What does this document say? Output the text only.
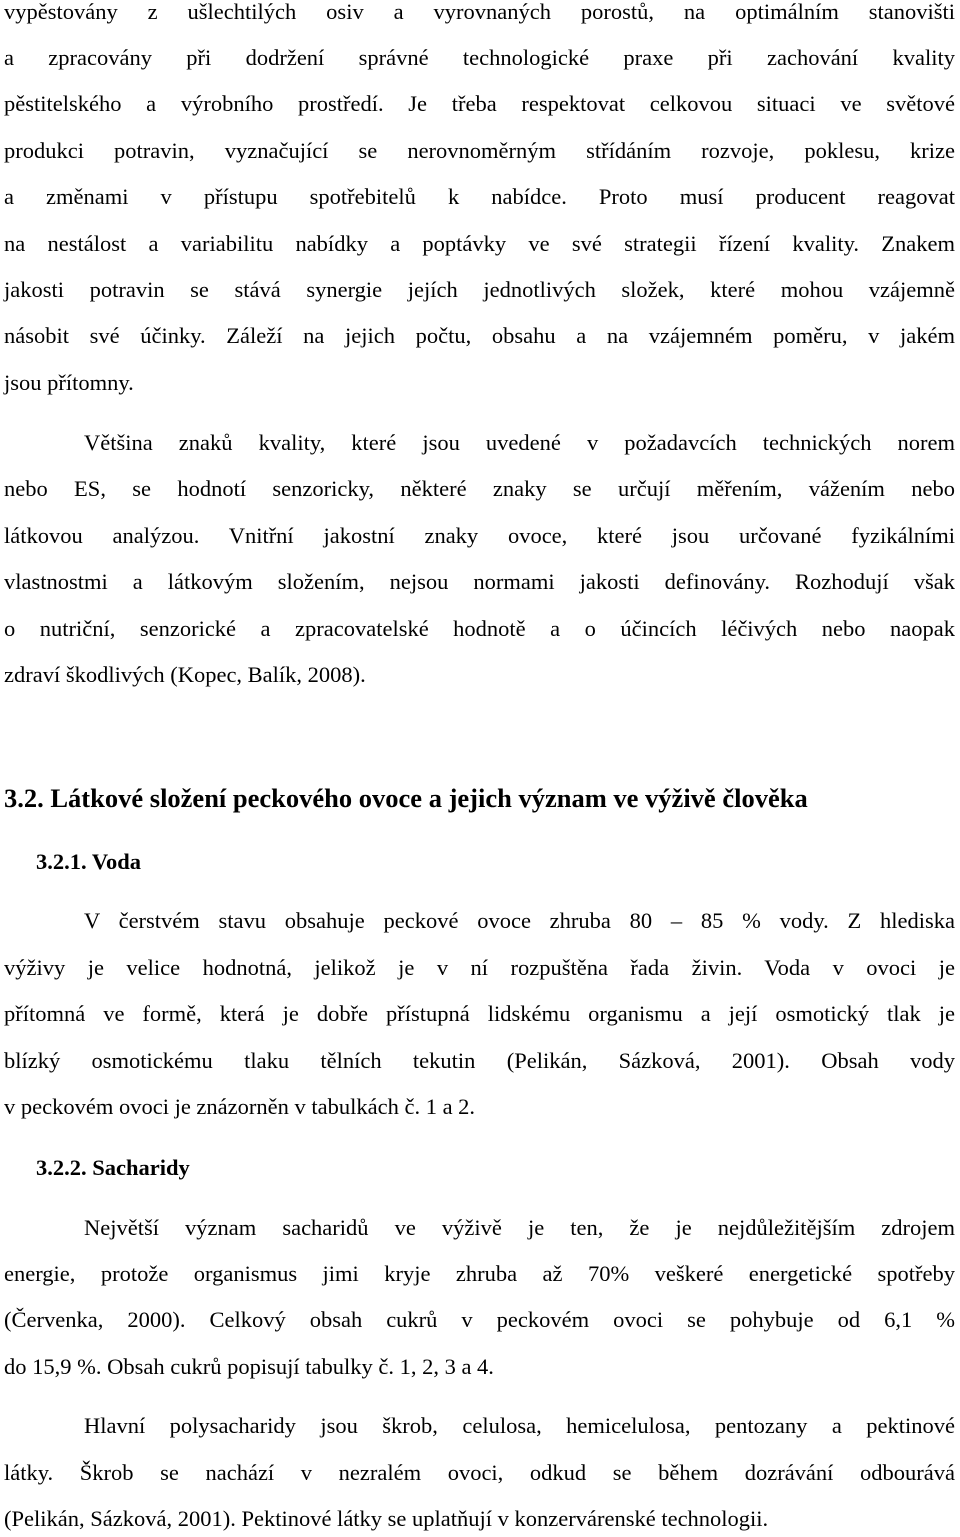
vypěstovány z ušlechtilých osiv a vyrovnaných porostů, na optimálním stanovišti
a zpracovány při dodržení správné technologické praxe při zachování kvality
pěstitelského a výrobního prostředí. Je třeba respektovat celkovou situaci ve světové
produkci potravin, vyznačující se nerovnoměrným střídáním rozvoje, poklesu, krize
a změnami v přístupu spotřebitelů k nabídce. Proto musí producent reagovat
na nestálost a variabilitu nabídky a poptávky ve své strategii řízení kvality. Znakem
jakosti potravin se stává synergie jejích jednotlivých složek, které mohou vzájemně
násobit své účinky. Záleží na jejich počtu, obsahu a na vzájemném poměru, v jakém
jsou přítomny.
Většina znaků kvality, které jsou uvedené v požadavcích technických norem
nebo ES, se hodnotí senzoricky, některé znaky se určují měřením, vážením nebo
látkovou analýzou. Vnitřní jakostní znaky ovoce, které jsou určované fyzikálními
vlastnostmi a látkovým složením, nejsou normami jakosti definovány. Rozhodují však
o nutriční, senzorické a zpracovatelské hodnotě a o účincích léčivých nebo naopak
zdraví škodlivých (Kopec, Balík, 2008).
3.2. Látkové složení peckového ovoce a jejich význam ve výživě člověka
3.2.1. Voda
V čerstvém stavu obsahuje peckové ovoce zhruba 80 – 85 % vody. Z hlediska
výživy je velice hodnotná, jelikož je v ní rozpuštěna řada živin. Voda v ovoci je
přítomná ve formě, která je dobře přístupná lidskému organismu a její osmotický tlak je
blízký osmotickému tlaku tělních tekutin (Pelikán, Sázková, 2001). Obsah vody
v peckovém ovoci je znázorněn v tabulkách č. 1 a 2.
3.2.2. Sacharidy
Největší význam sacharidů ve výživě je ten, že je nejdůležitějším zdrojem
energie, protože organismus jimi kryje zhruba až 70% veškeré energetické spotřeby
(Červenka, 2000). Celkový obsah cukrů v peckovém ovoci se pohybuje od 6,1 %
do 15,9 %. Obsah cukrů popisují tabulky č. 1, 2, 3 a 4.
Hlavní polysacharidy jsou škrob, celulosa, hemicelulosa, pentozany a pektinové
látky. Škrob se nachází v nezralém ovoci, odkud se během dozrávání odbourává
(Pelikán, Sázková, 2001). Pektinové látky se uplatňují v konzervárenské technologii.
